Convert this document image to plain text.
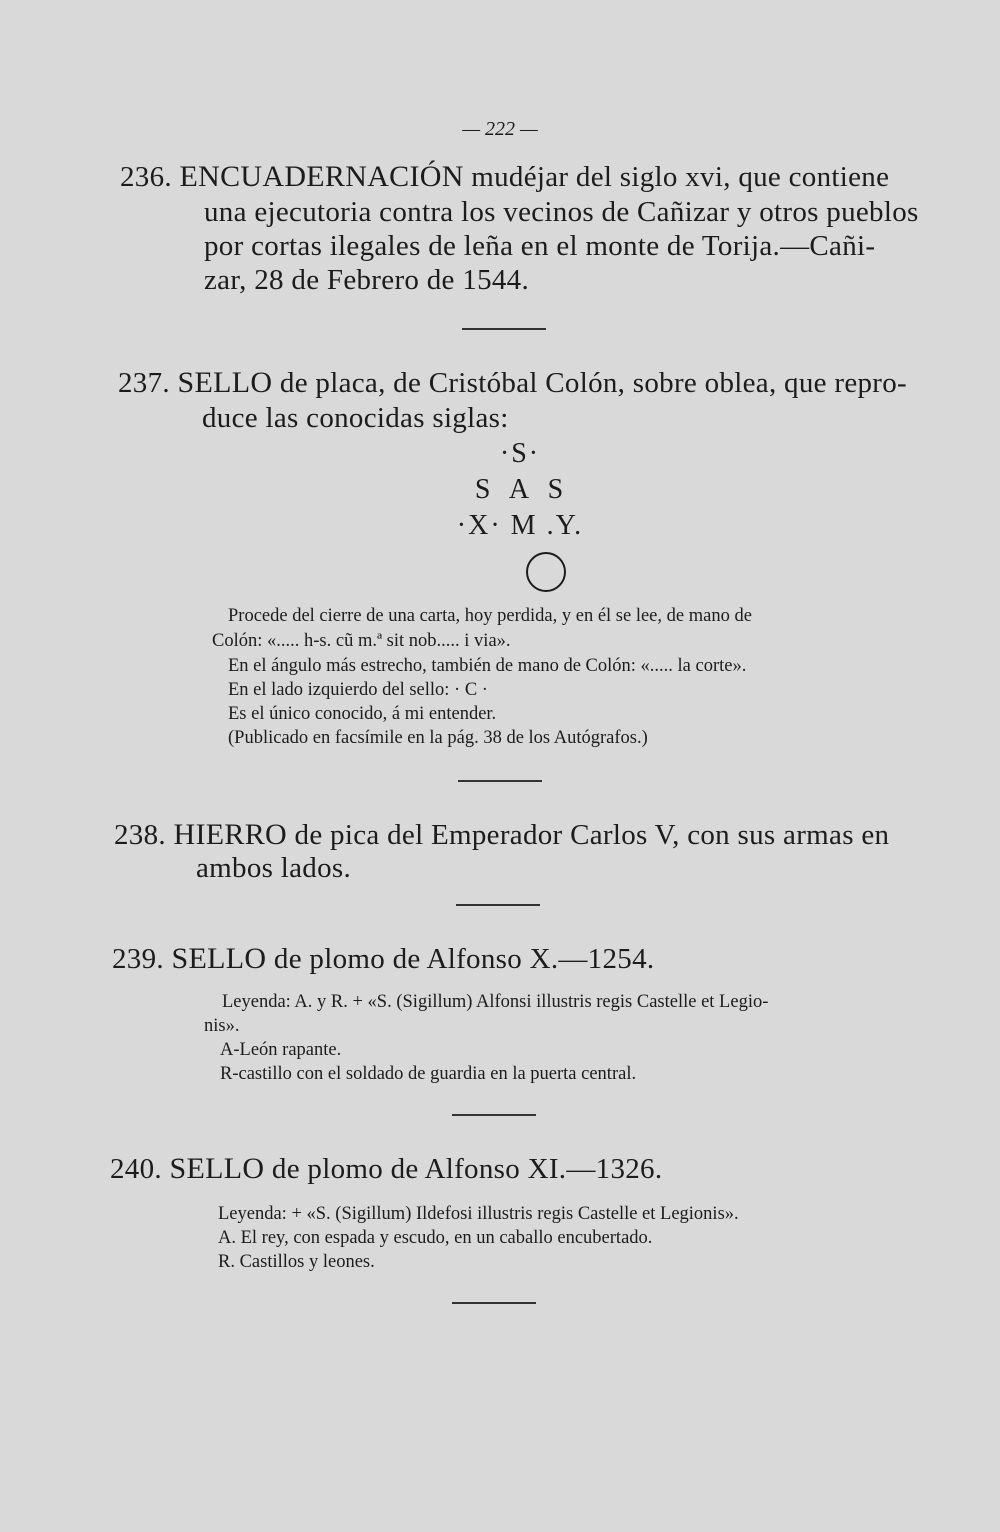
— 222 —
236. ENCUADERNACIÓN mudéjar del siglo xvi, que contiene
una ejecutoria contra los vecinos de Cañizar y otros pueblos
por cortas ilegales de leña en el monte de Torija.—Cañi-
zar, 28 de Febrero de 1544.
237. SELLO de placa, de Cristóbal Colón, sobre oblea, que repro-
duce las conocidas siglas:
·S·
S  A  S
·X· M .Y.
Procede del cierre de una carta, hoy perdida, y en él se lee, de mano de
Colón: «..... h-s. cũ m.ª sit nob..... i via».
En el ángulo más estrecho, también de mano de Colón: «..... la corte».
En el lado izquierdo del sello: · C ·
Es el único conocido, á mi entender.
(Publicado en facsímile en la pág. 38 de los Autógrafos.)
238. HIERRO de pica del Emperador Carlos V, con sus armas en
ambos lados.
239. SELLO de plomo de Alfonso X.—1254.
Leyenda: A. y R. + «S. (Sigillum) Alfonsi illustris regis Castelle et Legio-
nis».
A-León rapante.
R-castillo con el soldado de guardia en la puerta central.
240. SELLO de plomo de Alfonso XI.—1326.
Leyenda: + «S. (Sigillum) Ildefosi illustris regis Castelle et Legionis».
A. El rey, con espada y escudo, en un caballo encubertado.
R. Castillos y leones.
